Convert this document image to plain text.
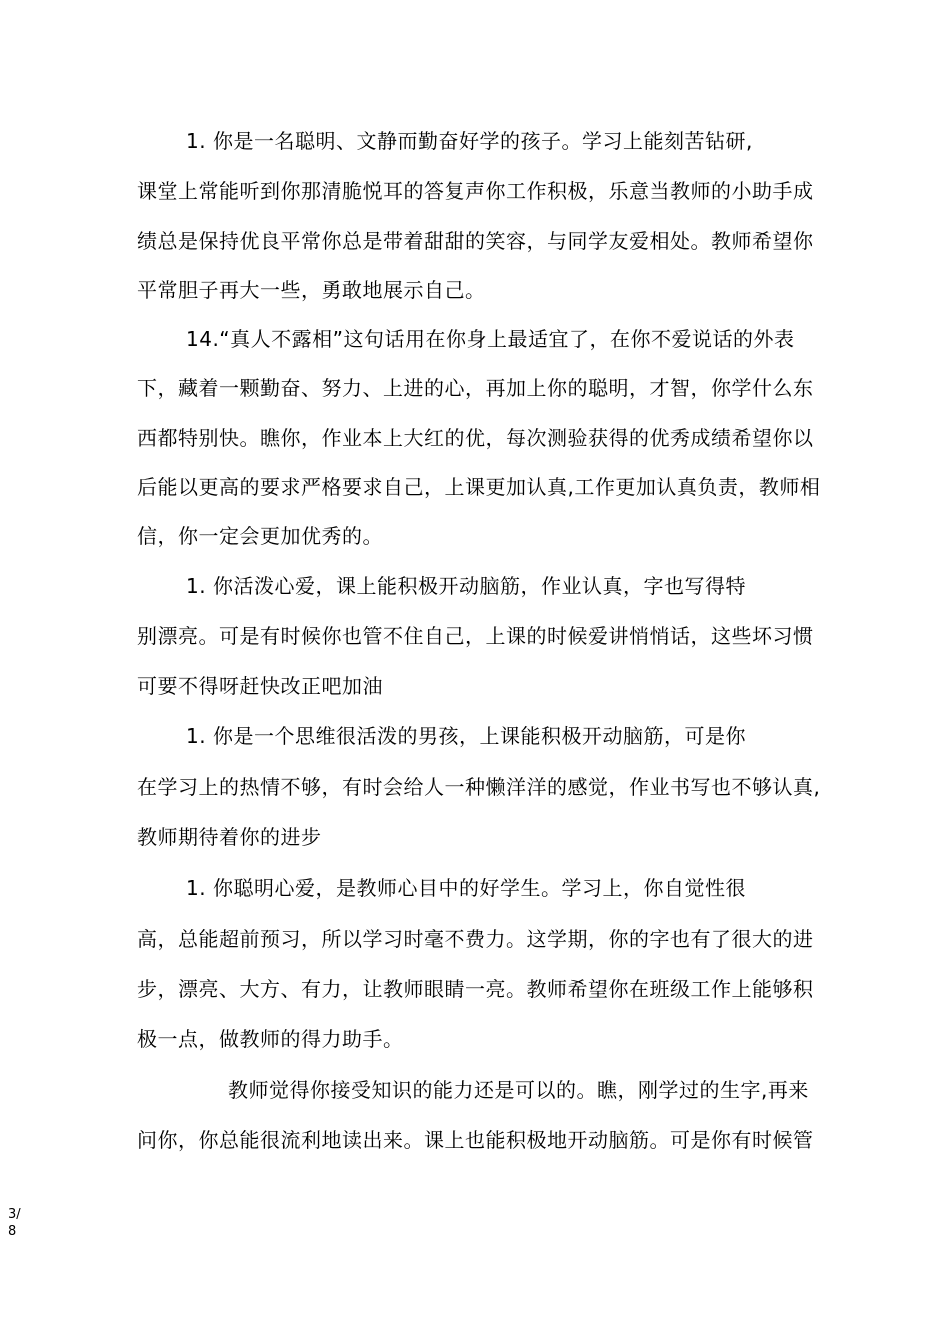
1. 你是一名聪明、文静而勤奋好学的孩子。学习上能刻苦钻研,
课堂上常能听到你那清脆悦耳的答复声你工作积极，乐意当教师的小助手成
绩总是保持优良平常你总是带着甜甜的笑容，与同学友爱相处。教师希望你
平常胆子再大一些，勇敢地展示自己。
14.“真人不露相”这句话用在你身上最适宜了，在你不爱说话的外表
下，藏着一颗勤奋、努力、上进的心，再加上你的聪明，才智，你学什么东
西都特别快。瞧你，作业本上大红的优，每次测验获得的优秀成绩希望你以
后能以更高的要求严格要求自己，上课更加认真,工作更加认真负责，教师相
信，你一定会更加优秀的。
1. 你活泼心爱，课上能积极开动脑筋，作业认真，字也写得特
别漂亮。可是有时候你也管不住自己，上课的时候爱讲悄悄话，这些坏习惯
可要不得呀赶快改正吧加油
1. 你是一个思维很活泼的男孩，上课能积极开动脑筋，可是你
在学习上的热情不够，有时会给人一种懒洋洋的感觉，作业书写也不够认真,
教师期待着你的进步
1. 你聪明心爱，是教师心目中的好学生。学习上，你自觉性很
高，总能超前预习，所以学习时毫不费力。这学期，你的字也有了很大的进
步，漂亮、大方、有力，让教师眼睛一亮。教师希望你在班级工作上能够积
极一点，做教师的得力助手。
教师觉得你接受知识的能力还是可以的。瞧，刚学过的生字,再来
问你，你总能很流利地读出来。课上也能积极地开动脑筋。可是你有时候管
3/
8
